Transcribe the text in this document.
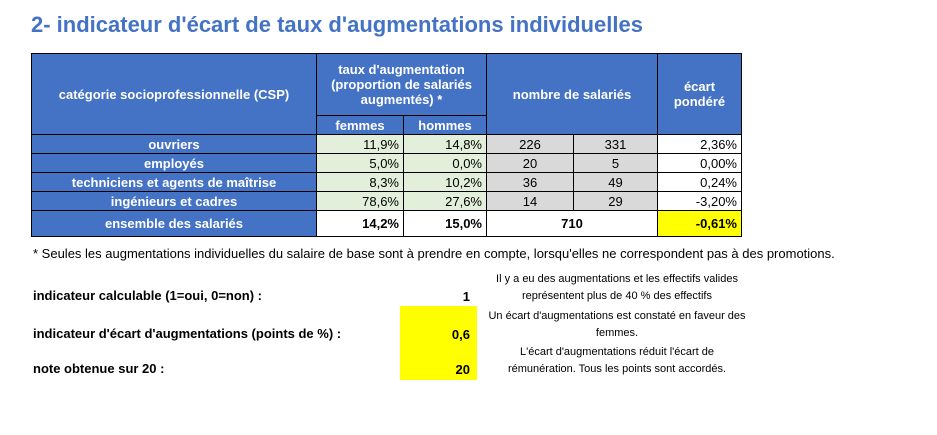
2- indicateur d'écart de taux d'augmentations individuelles
catégorie socioprofessionnelle (CSP)	taux d'augmentation (proportion de salariés augmentés) *		nombre de salariés		écart pondéré
	femmes	hommes			
ouvriers	11,9%	14,8%	226	331	2,36%
employés	5,0%	0,0%	20	5	0,00%
techniciens et agents de maîtrise	8,3%	10,2%	36	49	0,24%
ingénieurs et cadres	78,6%	27,6%	14	29	-3,20%
ensemble des salariés	14,2%	15,0%	710		-0,61%
* Seules les augmentations individuelles du salaire de base sont à prendre en compte, lorsqu'elles ne correspondent pas à des promotions.
indicateur calculable (1=oui, 0=non) :	1
Il y a eu des augmentations et les effectifs valides représentent plus de 40 % des effectifs
indicateur d'écart d'augmentations (points de %) :	0,6
Un écart d'augmentations est constaté en faveur des femmes.
note obtenue sur 20 :	20
L'écart d'augmentations réduit l'écart de rémunération. Tous les points sont accordés.
